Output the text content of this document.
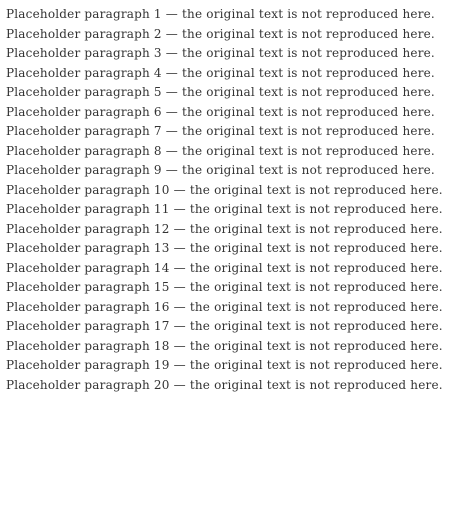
Placeholder paragraph 1 — the original text is not reproduced here.

Placeholder paragraph 2 — the original text is not reproduced here.

Placeholder paragraph 3 — the original text is not reproduced here.

Placeholder paragraph 4 — the original text is not reproduced here.

Placeholder paragraph 5 — the original text is not reproduced here.

Placeholder paragraph 6 — the original text is not reproduced here.

Placeholder paragraph 7 — the original text is not reproduced here.

Placeholder paragraph 8 — the original text is not reproduced here.

Placeholder paragraph 9 — the original text is not reproduced here.

Placeholder paragraph 10 — the original text is not reproduced here.

Placeholder paragraph 11 — the original text is not reproduced here.

Placeholder paragraph 12 — the original text is not reproduced here.

Placeholder paragraph 13 — the original text is not reproduced here.

Placeholder paragraph 14 — the original text is not reproduced here.

Placeholder paragraph 15 — the original text is not reproduced here.

Placeholder paragraph 16 — the original text is not reproduced here.

Placeholder paragraph 17 — the original text is not reproduced here.

Placeholder paragraph 18 — the original text is not reproduced here.

Placeholder paragraph 19 — the original text is not reproduced here.

Placeholder paragraph 20 — the original text is not reproduced here.
